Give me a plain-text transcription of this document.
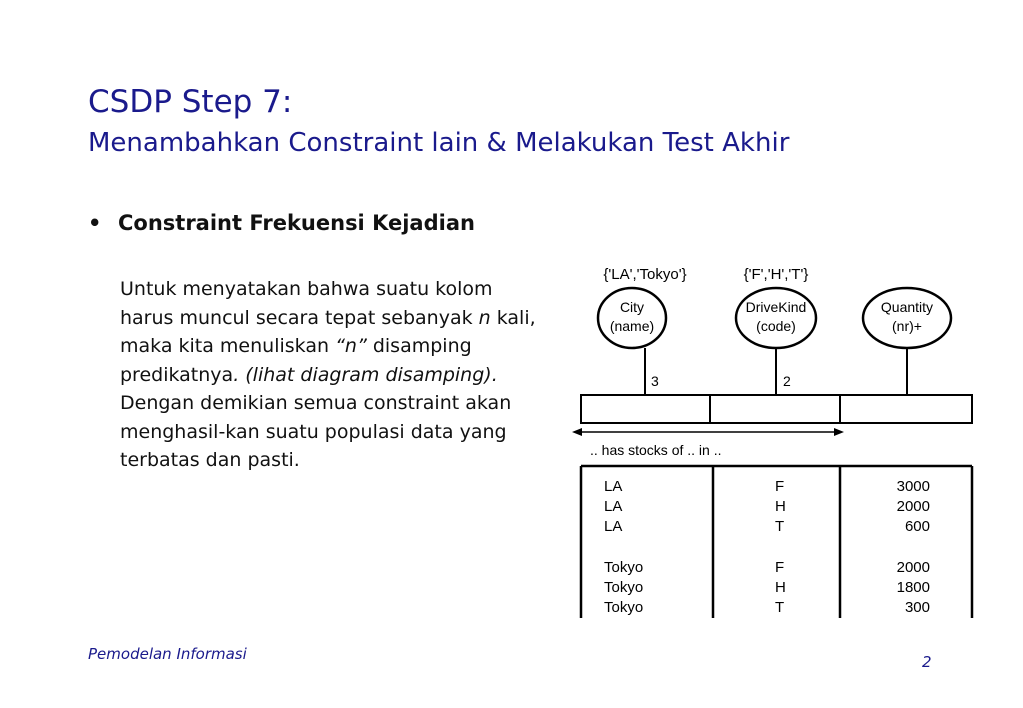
CSDP Step 7:
Menambahkan Constraint lain & Melakukan Test Akhir
• Constraint Frekuensi Kejadian
Untuk menyatakan bahwa suatu kolom harus muncul secara tepat sebanyak n kali, maka kita menuliskan “n” disamping predikatnya. (lihat diagram disamping). Dengan demikian semua constraint akan menghasil-kan suatu populasi data yang terbatas dan pasti.
{'LA','Tokyo'}	{'F','H','T'}
City
(name)
DriveKind
(code)
Quantity
(nr)+
3	2
.. has stocks of .. in ..
LA	F	3000
LA	H	2000
LA	T	600
Tokyo	F	2000
Tokyo	H	1800
Tokyo	T	300
Pemodelan Informasi	2
